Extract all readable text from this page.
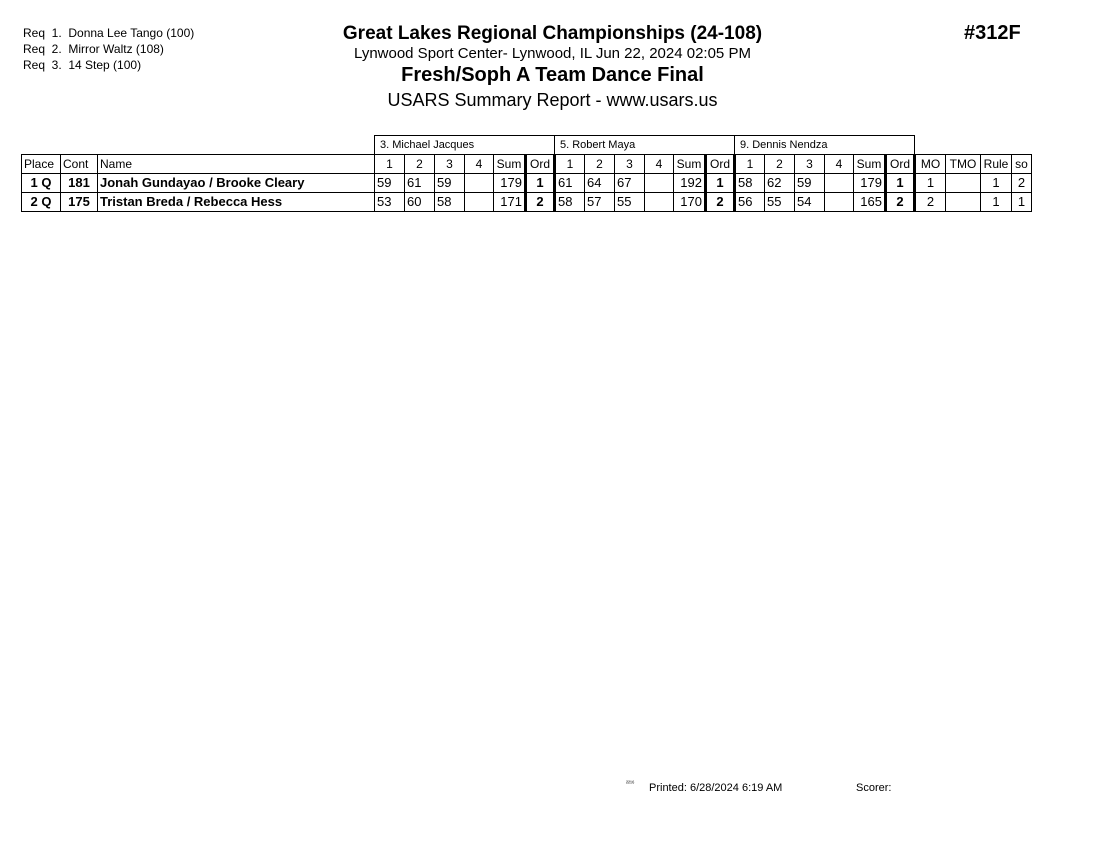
Req  1.  Donna Lee Tango (100)
Req  2.  Mirror Waltz (108)
Req  3.  14 Step (100)
Great Lakes Regional Championships (24-108)
Lynwood Sport Center- Lynwood, IL Jun 22, 2024 02:05 PM
Fresh/Soph A Team Dance Final
USARS Summary Report - www.usars.us
#312F
			3. Michael Jacques						5. Robert Maya						9. Dennis Nendza									
Place	Cont	Name	1	2	3	4	Sum	Ord	1	2	3	4	Sum	Ord	1	2	3	4	Sum	Ord	MO	TMO	Rule	so
1 Q	181	Jonah Gundayao / Brooke Cleary	59	61	59		179	1	61	64	67		192	1	58	62	59		179	1	1		1	2
2 Q	175	Tristan Breda / Rebecca Hess	53	60	58		171	2	58	57	55		170	2	56	55	54		165	2	2		1	1
²²¹⁶ Printed: 6/28/2024 6:19 AM	Scorer:
